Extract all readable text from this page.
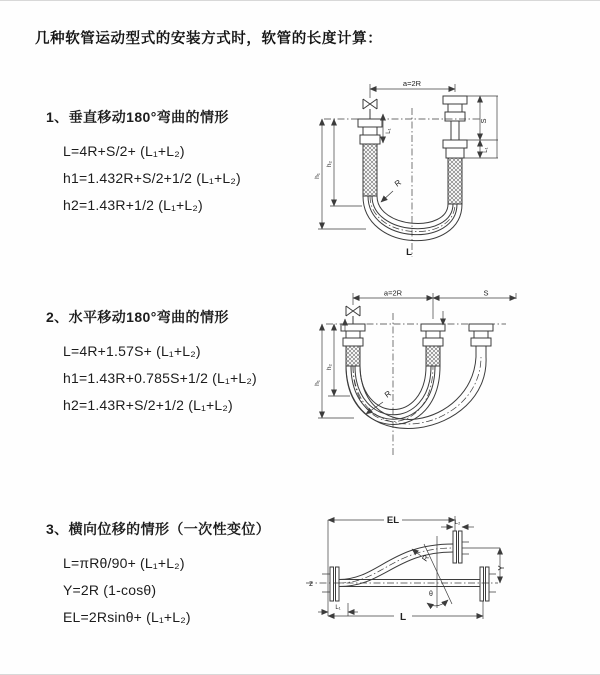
几种软管运动型式的安装方式时，软管的长度计算：
1、垂直移动180°弯曲的情形
L=4R+S/2+ (L₁+L₂)
h1=1.432R+S/2+1/2 (L₁+L₂)
h2=1.43R+1/2 (L₁+L₂)
2、水平移动180°弯曲的情形
L=4R+1.57S+ (L₁+L₂)
h1=1.43R+0.785S+1/2 (L₁+L₂)
h2=1.43R+S/2+1/2 (L₁+L₂)
3、横向位移的情形（一次性变位）
L=πRθ/90+ (L₁+L₂)
Y=2R (1-cosθ)
EL=2Rsinθ+ (L₁+L₂)
a=2R
S
L₁
L₁
h₁
h₂
R
L
a=2R	S
h₁
h₂
R
EL	L₂
Y
R
θ
L₁
L
z
